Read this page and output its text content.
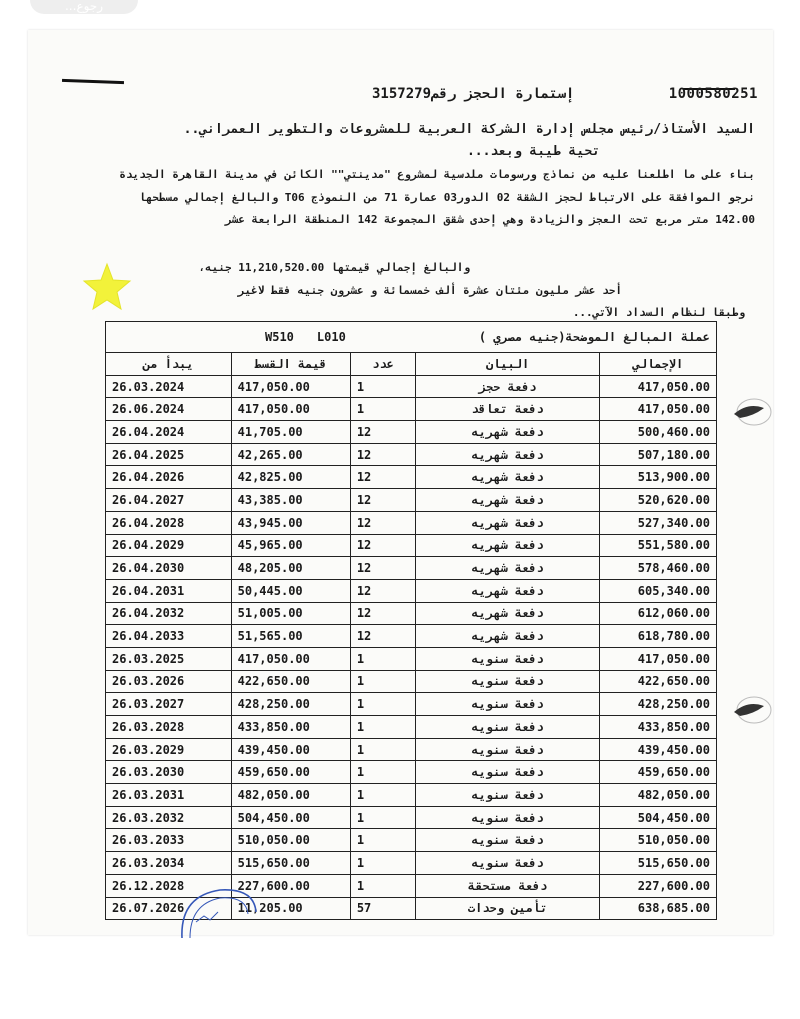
...رجوع
1000580251
إستمارة الحجز رقم3157279
السيد الأستاذ/رئيس مجلس إدارة الشركة العربية للمشروعات والتطوير العمراني..
تحية طيبة وبعد...
بناء على ما اطلعنا عليه من نماذج ورسومات ملدسية لمشروع "مدينتي"" الكائن في مدينة القاهرة الجديدة
نرجو الموافقة على الارتباط لحجز الشقة 02 الدور03 عمارة 71 من النموذج T06 والبالغ إجمالي مسطحها
142.00 متر مربع تحت العجز والزيادة وهي إحدى شقق المجموعة 142 المنطقة الرابعة عشر
والبالغ إجمالي قيمتها 11,210,520.00 جنيه،
أحد عشر مليون مئتان عشرة ألف خمسمائة و عشرون جنيه فقط لاغير
وطبقا لنظام السداد الآتي...
W510 L010 عملة المبالغ الموضحة(جنيه مصري )				

يبدأ من	قيمة القسط	عدد	البيان	الإجمالي
26.03.2024	417,050.00	1	دفعة حجز	417,050.00
26.06.2024	417,050.00	1	دفعة تعاقد	417,050.00
26.04.2024	41,705.00	12	دفعة شهريه	500,460.00
26.04.2025	42,265.00	12	دفعة شهريه	507,180.00
26.04.2026	42,825.00	12	دفعة شهريه	513,900.00
26.04.2027	43,385.00	12	دفعة شهريه	520,620.00
26.04.2028	43,945.00	12	دفعة شهريه	527,340.00
26.04.2029	45,965.00	12	دفعة شهريه	551,580.00
26.04.2030	48,205.00	12	دفعة شهريه	578,460.00
26.04.2031	50,445.00	12	دفعة شهريه	605,340.00
26.04.2032	51,005.00	12	دفعة شهريه	612,060.00
26.04.2033	51,565.00	12	دفعة شهريه	618,780.00
26.03.2025	417,050.00	1	دفعة سنويه	417,050.00
26.03.2026	422,650.00	1	دفعة سنويه	422,650.00
26.03.2027	428,250.00	1	دفعة سنويه	428,250.00
26.03.2028	433,850.00	1	دفعة سنويه	433,850.00
26.03.2029	439,450.00	1	دفعة سنويه	439,450.00
26.03.2030	459,650.00	1	دفعة سنويه	459,650.00
26.03.2031	482,050.00	1	دفعة سنويه	482,050.00
26.03.2032	504,450.00	1	دفعة سنويه	504,450.00
26.03.2033	510,050.00	1	دفعة سنويه	510,050.00
26.03.2034	515,650.00	1	دفعة سنويه	515,650.00
26.12.2028	227,600.00	1	دفعة مستحقة	227,600.00
26.07.2026	11,205.00	57	تأمين وحدات	638,685.00
